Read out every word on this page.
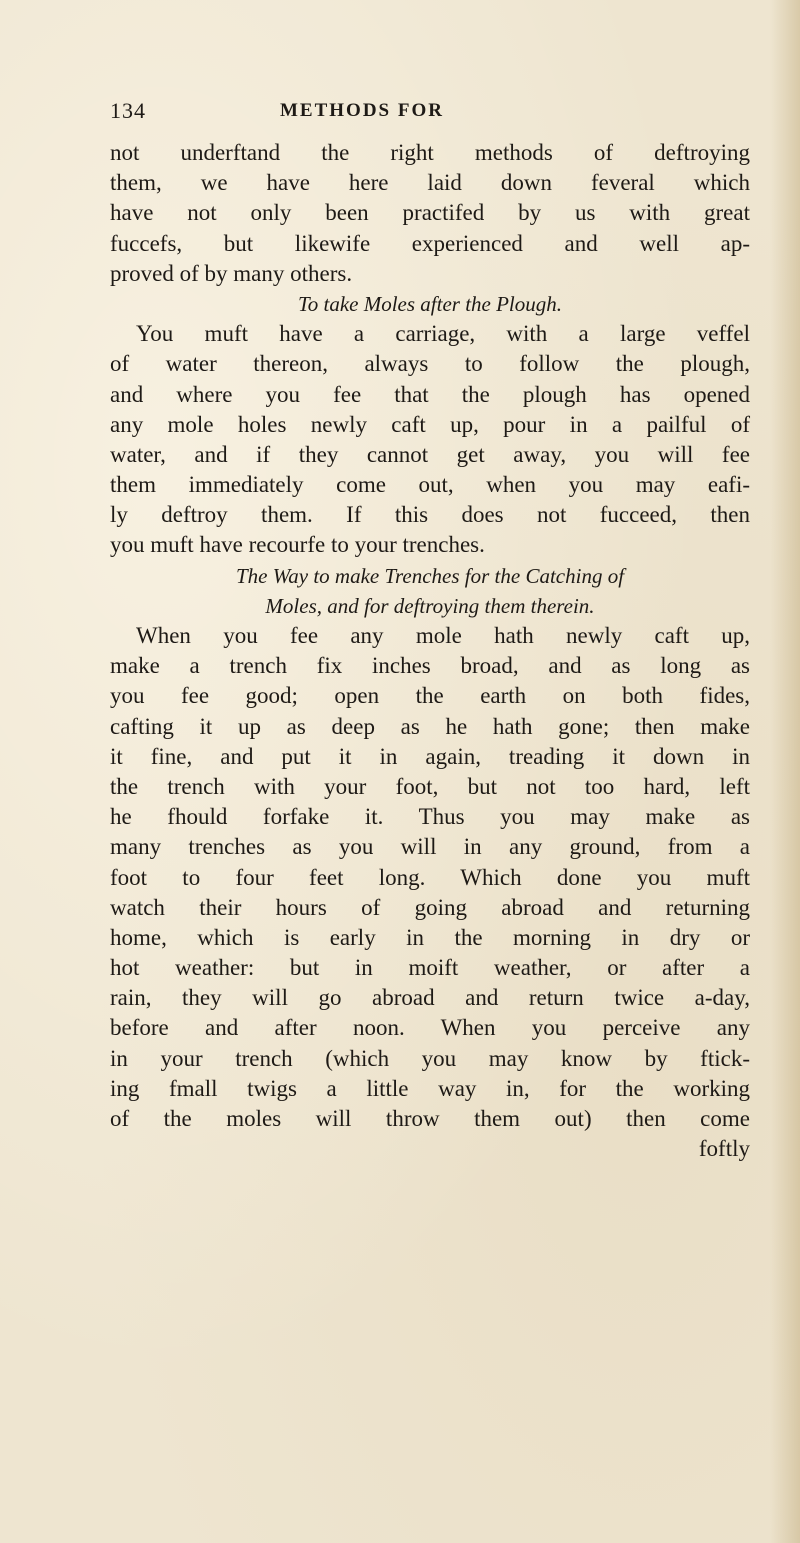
134	METHODS FOR
not underftand the right methods of deftroying
them, we have here laid down feveral which
have not only been practifed by us with great
fuccefs, but likewife experienced and well ap-
proved of by many others.
To take Moles after the Plough.
You muft have a carriage, with a large veffel
of water thereon, always to follow the plough,
and where you fee that the plough has opened
any mole holes newly caft up, pour in a pailful of
water, and if they cannot get away, you will fee
them immediately come out, when you may eafi-
ly deftroy them. If this does not fucceed, then
you muft have recourfe to your trenches.
The Way to make Trenches for the Catching of
Moles, and for deftroying them therein.
When you fee any mole hath newly caft up,
make a trench fix inches broad, and as long as
you fee good; open the earth on both fides,
cafting it up as deep as he hath gone; then make
it fine, and put it in again, treading it down in
the trench with your foot, but not too hard, left
he fhould forfake it. Thus you may make as
many trenches as you will in any ground, from a
foot to four feet long. Which done you muft
watch their hours of going abroad and returning
home, which is early in the morning in dry or
hot weather: but in moift weather, or after a
rain, they will go abroad and return twice a-day,
before and after noon. When you perceive any
in your trench (which you may know by ftick-
ing fmall twigs a little way in, for the working
of the moles will throw them out) then come
foftly
